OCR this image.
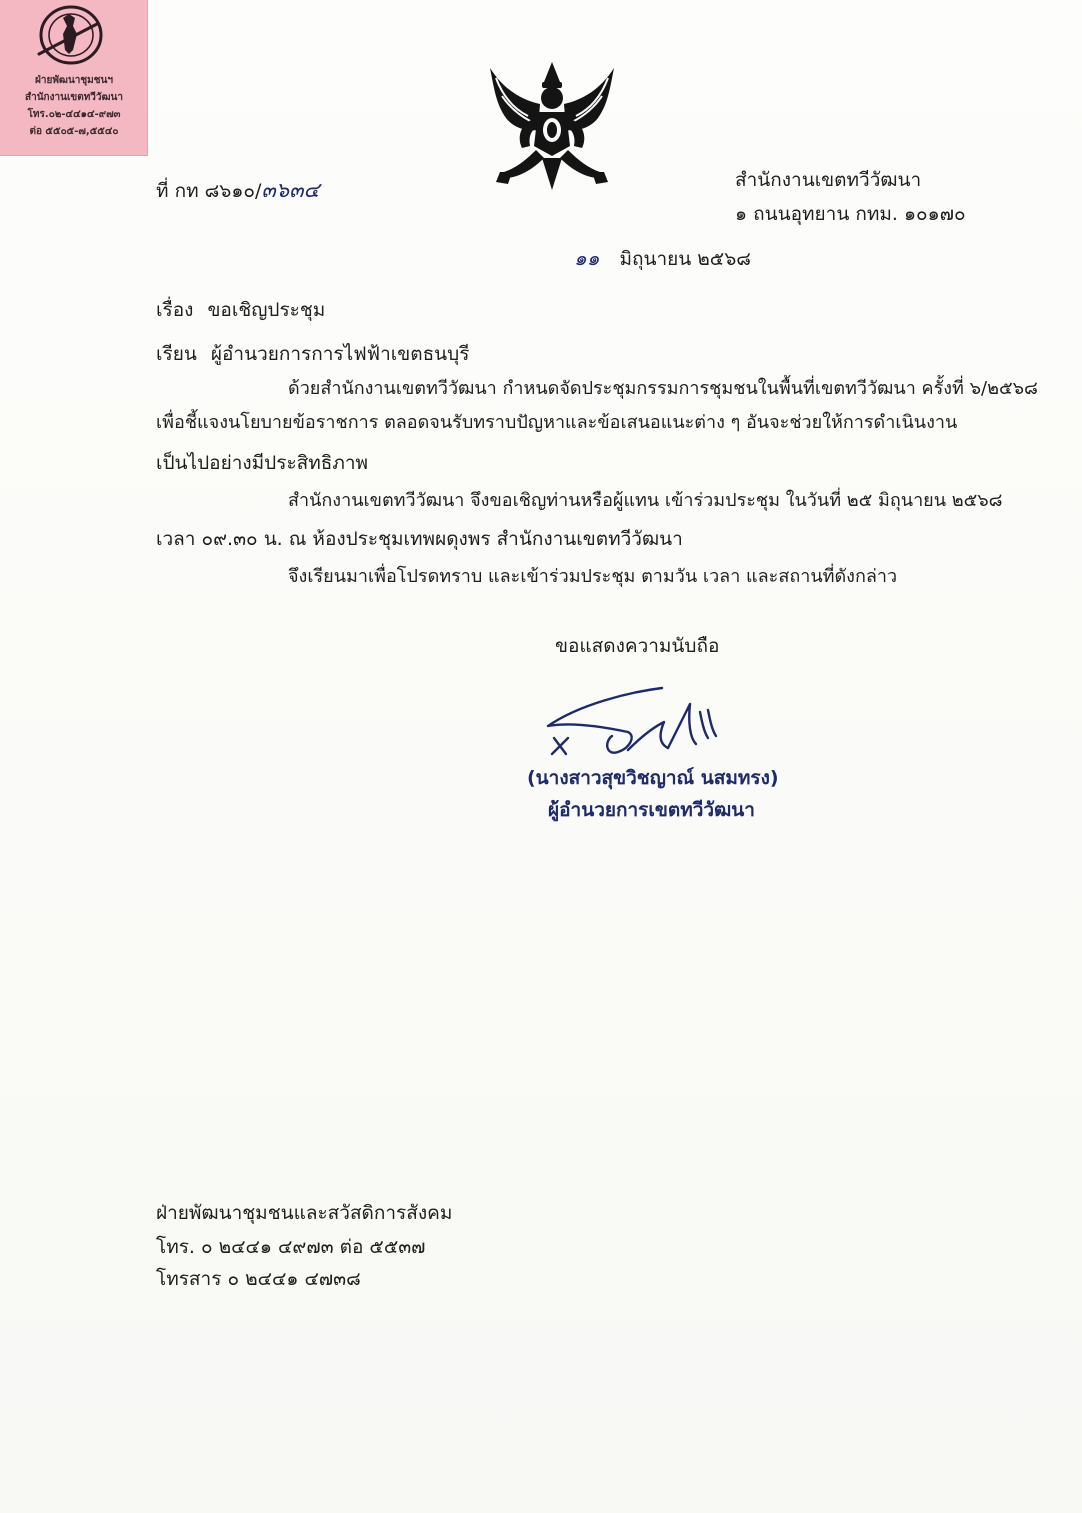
ฝ่ายพัฒนาชุมชนฯ
สำนักงานเขตทวีวัฒนา
โทร.๐๒-๔๔๑๔-๙๗๓
ต่อ ๕๕๐๕-๗,๕๕๔๐
ที่ กท ๘๖๑๐/๓๖๓๔	สำนักงานเขตทวีวัฒนา
๑ ถนนอุทยาน กทม. ๑๐๑๗๐
๑๑ มิถุนายน ๒๕๖๘
เรื่อง ขอเชิญประชุม
เรียน ผู้อำนวยการการไฟฟ้าเขตธนบุรี
ด้วยสำนักงานเขตทวีวัฒนา กำหนดจัดประชุมกรรมการชุมชนในพื้นที่เขตทวีวัฒนา ครั้งที่ ๖/๒๕๖๘
เพื่อชี้แจงนโยบายข้อราชการ ตลอดจนรับทราบปัญหาและข้อเสนอแนะต่าง ๆ อันจะช่วยให้การดำเนินงาน
เป็นไปอย่างมีประสิทธิภาพ
สำนักงานเขตทวีวัฒนา จึงขอเชิญท่านหรือผู้แทน เข้าร่วมประชุม ในวันที่ ๒๕ มิถุนายน ๒๕๖๘
เวลา ๐๙.๓๐ น. ณ ห้องประชุมเทพผดุงพร สำนักงานเขตทวีวัฒนา
จึงเรียนมาเพื่อโปรดทราบ และเข้าร่วมประชุม ตามวัน เวลา และสถานที่ดังกล่าว
ขอแสดงความนับถือ
(นางสาวสุขวิชญาณ์ นสมทรง)
ผู้อำนวยการเขตทวีวัฒนา
ฝ่ายพัฒนาชุมชนและสวัสดิการสังคม
โทร. ๐ ๒๔๔๑ ๔๙๗๓ ต่อ ๕๕๓๗
โทรสาร ๐ ๒๔๔๑ ๔๗๓๘
